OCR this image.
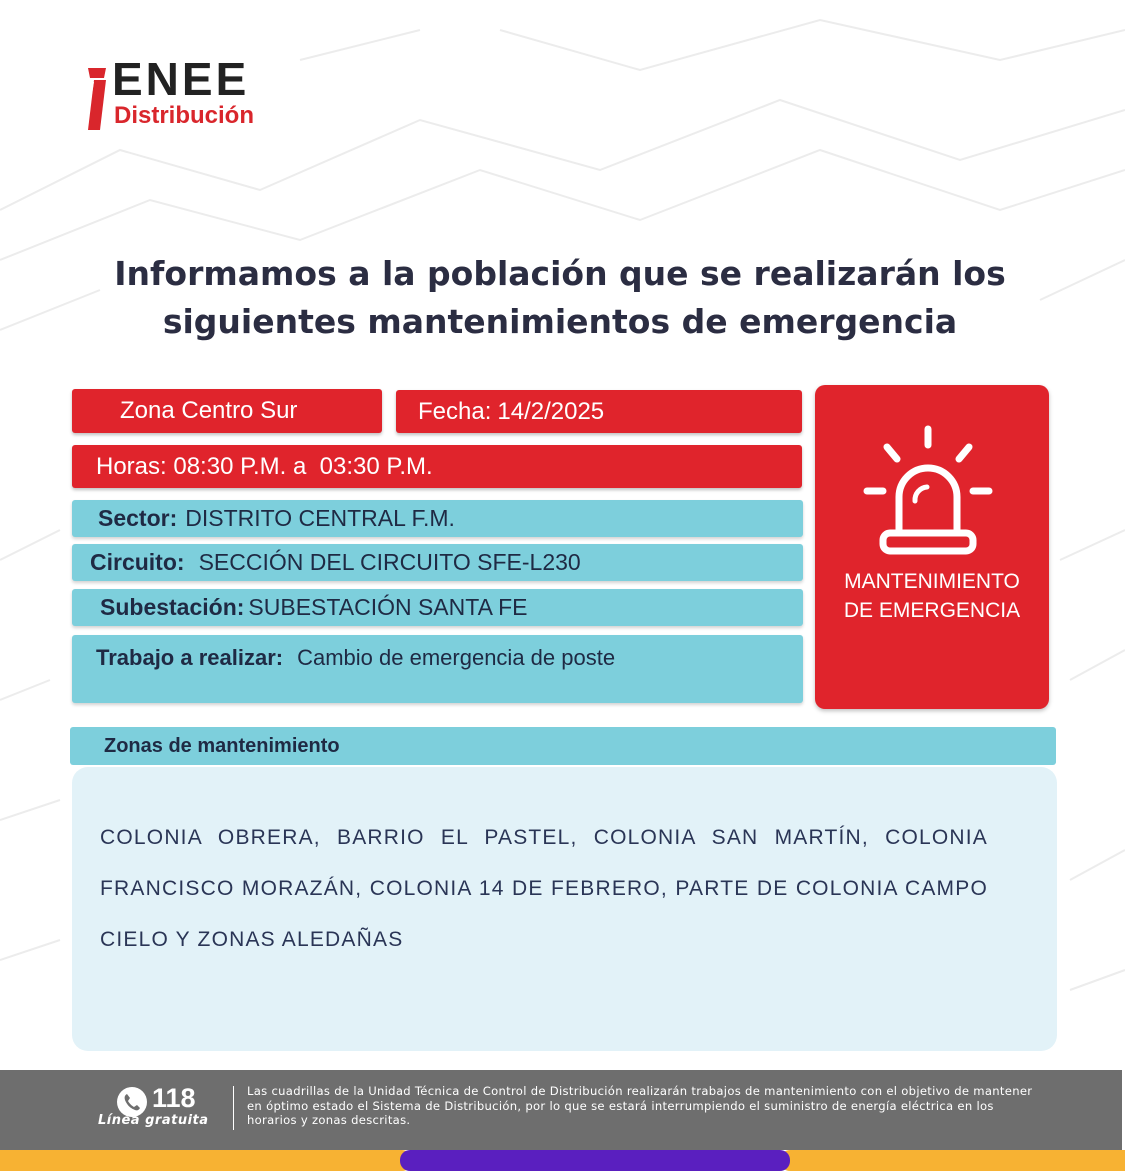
ENEE
Distribución
Informamos a la población que se realizarán los siguientes mantenimientos de emergencia
Zona Centro Sur	Fecha: 14/2/2025
Horas: 08:30 P.M. a  03:30 P.M.
Sector: DISTRITO CENTRAL F.M.
Circuito: SECCIÓN DEL CIRCUITO SFE-L230
Subestación: SUBESTACIÓN SANTA FE
Trabajo a realizar: Cambio de emergencia de poste
MANTENIMIENTO
DE EMERGENCIA
Zonas de mantenimiento

COLONIA OBRERA, BARRIO EL PASTEL, COLONIA SAN MARTÍN, COLONIA FRANCISCO MORAZÁN, COLONIA 14 DE FEBRERO, PARTE DE COLONIA CAMPO CIELO Y ZONAS ALEDAÑAS

118
Línea gratuita

Las cuadrillas de la Unidad Técnica de Control de Distribución realizarán trabajos de mantenimiento con el objetivo de mantener en óptimo estado el Sistema de Distribución, por lo que se estará interrumpiendo el suministro de energía eléctrica en los horarios y zonas descritas.
